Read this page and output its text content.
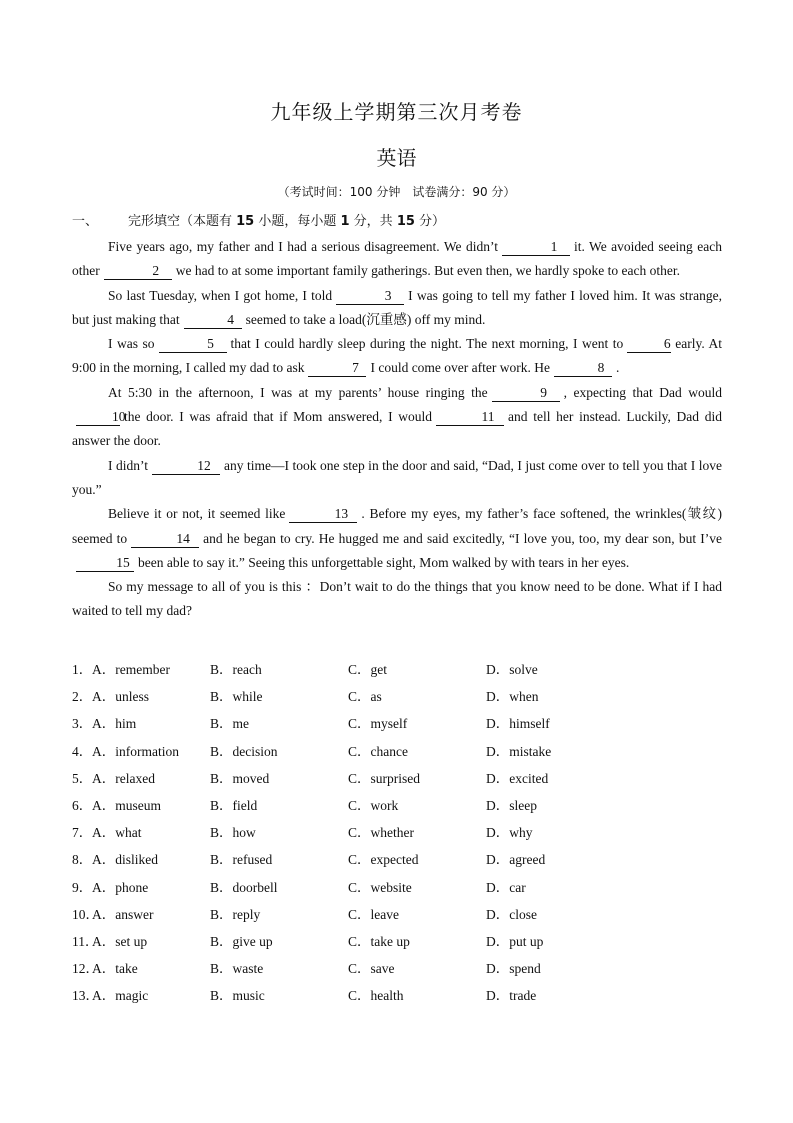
九年级上学期第三次月考卷
英语
（考试时间：100 分钟　试卷满分：90 分）
一、 完形填空（本题有 15 小题，每小题 1 分，共 15 分）

Five years ago, my father and I had a serious disagreement. We didn’t	1 it. We avoided seeing each other	2 we had to at some important family gatherings. But even then, we hardly spoke to each other.

So last Tuesday, when I got home, I told	3 I was going to tell my father I loved him. It was strange, but just making that	4 seemed to take a load(沉重感) off my mind.

I was so	5 that I could hardly sleep during the night. The next morning, I went to	6 early. At 9:00 in the morning, I called my dad to ask	7 I could come over after work. He	8 .

At 5:30 in the afternoon, I was at my parents’ house ringing the	9 , expecting that Dad would10the door. I was afraid that if Mom answered, I would	11 and tell her instead. Luckily, Dad did answer the door.

I didn’t	12 any time—I took one step in the door and said, “Dad, I just come over to tell you that I love you.”

Believe it or not, it seemed like	13 . Before my eyes, my father’s face softened, the wrinkles(皱纹) seemed to	14 and he began to cry. He hugged me and said excitedly, “I love you, too, my dear son, but I’ve15 been able to say it.” Seeing this unforgettable sight, Mom walked by with tears in her eyes.

So my message to all of you is this ：Don’t wait to do the things that you know need to be done. What if I had waited to tell my dad?

1． A．remember	B．reach	C．get	D．solve
2． A．unless	B．while	C．as	D．when
3． A．him	B．me	C．myself	D．himself
4． A．information B．decision	C．chance	D．mistake
5． A．relaxed	B．moved	C．surprised	D．excited
6． A．museum	B．field	C．work	D．sleep
7． A．what	B．how	C．whether	D．why
8． A．disliked	B．refused	C．expected	D．agreed
9． A．phone	B．doorbell	C．website	D．car
10．
A．answer	B．reply	C．leave	D．close
11．
A．set up	B．give up	C．take up	D．put up
12．
A．take	B．waste	C．save	D．spend
13．
A．magic	B．music	C．health	D．trade
